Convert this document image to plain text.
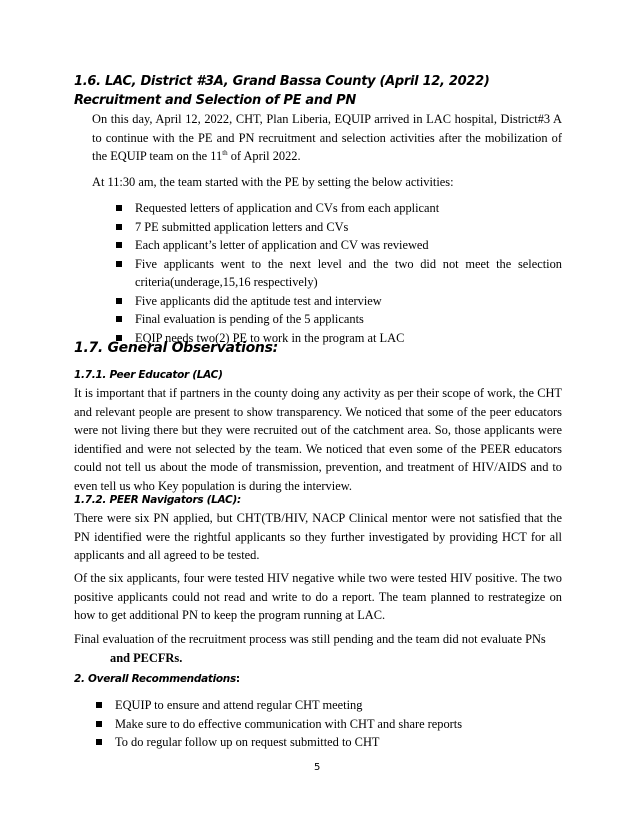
1.6. LAC, District #3A, Grand Bassa County (April 12, 2022) Recruitment and Selection of PE and PN
On this day, April 12, 2022, CHT, Plan Liberia, EQUIP arrived in LAC hospital, District#3 A to continue with the PE and PN recruitment and selection activities after the mobilization of the EQUIP team on the 11th of April 2022.
At 11:30 am, the team started with the PE by setting the below activities:
Requested letters of application and CVs from each applicant
7 PE submitted application letters and CVs
Each applicant’s letter of application and CV was reviewed
Five applicants went to the next level and the two did not meet the selection criteria(underage,15,16 respectively)
Five applicants did the aptitude test and interview
Final evaluation is pending of the 5 applicants
EQIP needs two(2) PE to work in the program at LAC
1.7. General Observations:
1.7.1. Peer Educator (LAC)
It is important that if partners in the county doing any activity as per their scope of work, the CHT and relevant people are present to show transparency. We noticed that some of the peer educators were not living there but they were recruited out of the catchment area. So, those applicants were identified and were not selected by the team. We noticed that even some of the PEER educators could not tell us about the mode of transmission, prevention, and treatment of HIV/AIDS and to even tell us who Key population is during the interview.
1.7.2. PEER Navigators (LAC):
There were six PN applied, but CHT(TB/HIV, NACP Clinical mentor were not satisfied that the PN identified were the rightful applicants so they further investigated by providing HCT for all applicants and all agreed to be tested.
Of the six applicants, four were tested HIV negative while two were tested HIV positive. The two positive applicants could not read and write to do a report. The team planned to restrategize on how to get additional PN to keep the program running at LAC.
Final evaluation of the recruitment process was still pending and the team did not evaluate PNs
and PECFRs.
2. Overall Recommendations:
EQUIP to ensure and attend regular CHT meeting
Make sure to do effective communication with CHT and share reports
To do regular follow up on request submitted to CHT
5
